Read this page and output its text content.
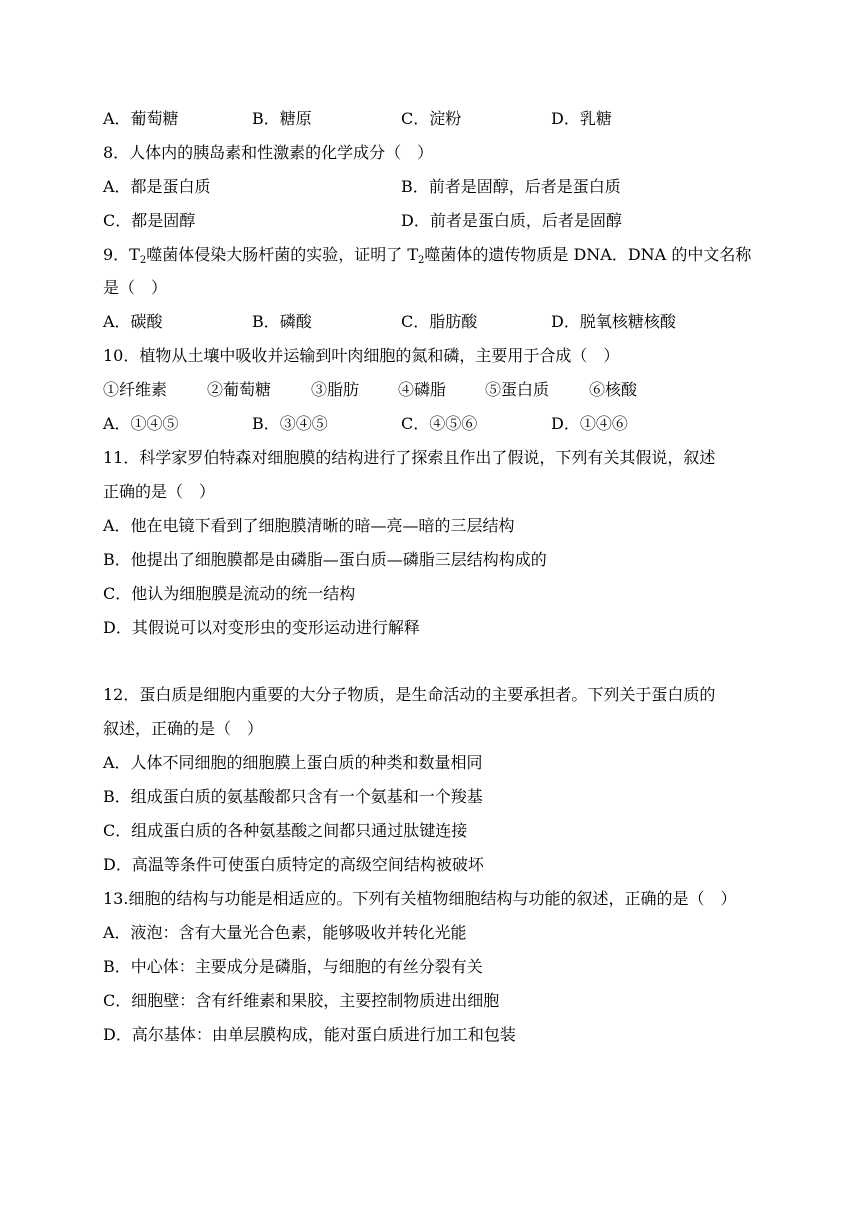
A．葡萄糖	B．糖原	C．淀粉	D．乳糖
8．人体内的胰岛素和性激素的化学成分（　）
A．都是蛋白质	B．前者是固醇，后者是蛋白质
C．都是固醇	D．前者是蛋白质，后者是固醇
9．$T_2$噬菌体侵染大肠杆菌的实验，证明了 $T_2$噬菌体的遗传物质是 DNA．DNA 的中文名称
是（　）
A．碳酸	B．磷酸	C．脂肪酸	D．脱氧核糖核酸
10．植物从土壤中吸收并运输到叶肉细胞的氮和磷，主要用于合成（　）
①纤维素 ②葡萄糖 ③脂肪 ④磷脂 ⑤蛋白质 ⑥核酸
A．①④⑤	B．③④⑤	C．④⑤⑥	D．①④⑥
11．科学家罗伯特森对细胞膜的结构进行了探索且作出了假说，下列有关其假说，叙述
正确的是（　）
A．他在电镜下看到了细胞膜清晰的暗—亮—暗的三层结构
B．他提出了细胞膜都是由磷脂—蛋白质—磷脂三层结构构成的
C．他认为细胞膜是流动的统一结构
D．其假说可以对变形虫的变形运动进行解释
12．蛋白质是细胞内重要的大分子物质，是生命活动的主要承担者。下列关于蛋白质的
叙述，正确的是（　）
A．人体不同细胞的细胞膜上蛋白质的种类和数量相同
B．组成蛋白质的氨基酸都只含有一个氨基和一个羧基
C．组成蛋白质的各种氨基酸之间都只通过肽键连接
D．高温等条件可使蛋白质特定的高级空间结构被破坏
13.细胞的结构与功能是相适应的。下列有关植物细胞结构与功能的叙述，正确的是（　）
A．液泡：含有大量光合色素，能够吸收并转化光能
B．中心体：主要成分是磷脂，与细胞的有丝分裂有关
C．细胞壁：含有纤维素和果胶，主要控制物质进出细胞
D．高尔基体：由单层膜构成，能对蛋白质进行加工和包装
